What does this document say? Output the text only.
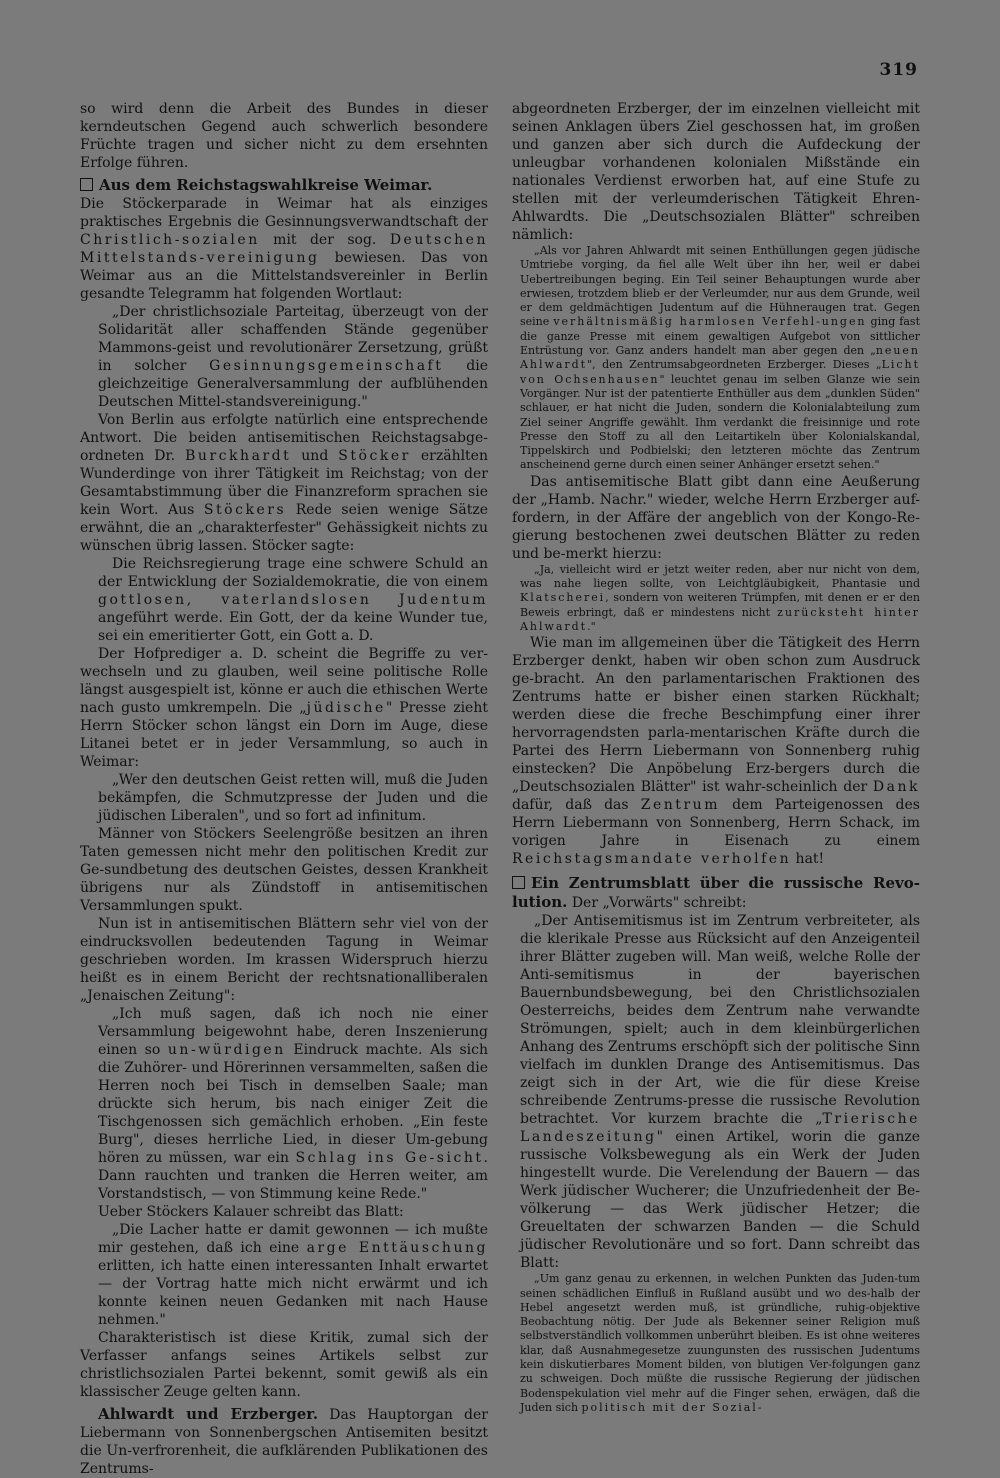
319

so wird denn die Arbeit des Bundes in dieser kerndeutschen Gegend auch schwerlich besondere Früchte tragen und sicher nicht zu dem ersehnten Erfolge führen.

Aus dem Reichstagswahlkreise Weimar.

Die Stöckerparade in Weimar hat als einziges praktisches Ergebnis die Gesinnungsverwandtschaft der Christlich-sozialen mit der sog. Deutschen Mittelstands-vereinigung bewiesen. Das von Weimar aus an die Mittelstandsvereinler in Berlin gesandte Telegramm hat folgenden Wortlaut:

„Der christlichsoziale Parteitag, überzeugt von der Solidarität aller schaffenden Stände gegenüber Mammons-geist und revolutionärer Zersetzung, grüßt in solcher Gesinnungsgemeinschaft die gleichzeitige Generalversammlung der aufblühenden Deutschen Mittel-standsvereinigung."

Von Berlin aus erfolgte natürlich eine entsprechende Antwort. Die beiden antisemitischen Reichstagsabge-ordneten Dr. Burckhardt und Stöcker erzählten Wunderdinge von ihrer Tätigkeit im Reichstag; von der Gesamtabstimmung über die Finanzreform sprachen sie kein Wort. Aus Stöckers Rede seien wenige Sätze erwähnt, die an „charakterfester" Gehässigkeit nichts zu wünschen übrig lassen. Stöcker sagte:

Die Reichsregierung trage eine schwere Schuld an der Entwicklung der Sozialdemokratie, die von einem gottlosen, vaterlandslosen Judentum angeführt werde. Ein Gott, der da keine Wunder tue, sei ein emeritierter Gott, ein Gott a. D.

Der Hofprediger a. D. scheint die Begriffe zu ver-wechseln und zu glauben, weil seine politische Rolle längst ausgespielt ist, könne er auch die ethischen Werte nach gusto umkrempeln. Die „jüdische" Presse zieht Herrn Stöcker schon längst ein Dorn im Auge, diese Litanei betet er in jeder Versammlung, so auch in Weimar:

„Wer den deutschen Geist retten will, muß die Juden bekämpfen, die Schmutzpresse der Juden und die jüdischen Liberalen", und so fort ad infinitum.

Männer von Stöckers Seelengröße besitzen an ihren Taten gemessen nicht mehr den politischen Kredit zur Ge-sundbetung des deutschen Geistes, dessen Krankheit übrigens nur als Zündstoff in antisemitischen Versammlungen spukt.

Nun ist in antisemitischen Blättern sehr viel von der eindrucksvollen bedeutenden Tagung in Weimar geschrieben worden. Im krassen Widerspruch hierzu heißt es in einem Bericht der rechtsnationalliberalen „Jenaischen Zeitung":

„Ich muß sagen, daß ich noch nie einer Versammlung beigewohnt habe, deren Inszenierung einen so un-würdigen Eindruck machte. Als sich die Zuhörer- und Hörerinnen versammelten, saßen die Herren noch bei Tisch in demselben Saale; man drückte sich herum, bis nach einiger Zeit die Tischgenossen sich gemächlich erhoben. „Ein feste Burg", dieses herrliche Lied, in dieser Um-gebung hören zu müssen, war ein Schlag ins Ge-sicht. Dann rauchten und tranken die Herren weiter, am Vorstandstisch, — von Stimmung keine Rede."

Ueber Stöckers Kalauer schreibt das Blatt:

„Die Lacher hatte er damit gewonnen — ich mußte mir gestehen, daß ich eine arge Enttäuschung erlitten, ich hatte einen interessanten Inhalt erwartet — der Vortrag hatte mich nicht erwärmt und ich konnte keinen neuen Gedanken mit nach Hause nehmen."

Charakteristisch ist diese Kritik, zumal sich der Verfasser anfangs seines Artikels selbst zur christlichsozialen Partei bekennt, somit gewiß als ein klassischer Zeuge gelten kann.

Ahlwardt und Erzberger. Das Hauptorgan der Liebermann von Sonnenbergschen Antisemiten besitzt die Un-verfrorenheit, die aufklärenden Publikationen des Zentrums-

abgeordneten Erzberger, der im einzelnen vielleicht mit seinen Anklagen übers Ziel geschossen hat, im großen und ganzen aber sich durch die Aufdeckung der unleugbar vorhandenen kolonialen Mißstände ein nationales Verdienst erworben hat, auf eine Stufe zu stellen mit der verleumderischen Tätigkeit Ehren-Ahlwardts. Die „Deutschsozialen Blätter" schreiben nämlich:

„Als vor Jahren Ahlwardt mit seinen Enthüllungen gegen jüdische Umtriebe vorging, da fiel alle Welt über ihn her, weil er dabei Uebertreibungen beging. Ein Teil seiner Behauptungen wurde aber erwiesen, trotzdem blieb er der Verleumder, nur aus dem Grunde, weil er dem geldmächtigen Judentum auf die Hühneraugen trat. Gegen seine verhältnismäßig harmlosen Verfehl-ungen ging fast die ganze Presse mit einem gewaltigen Aufgebot von sittlicher Entrüstung vor. Ganz anders handelt man aber gegen den „neuen Ahlwardt", den Zentrumsabgeordneten Erzberger. Dieses „Licht von Ochsenhausen" leuchtet genau im selben Glanze wie sein Vorgänger. Nur ist der patentierte Enthüller aus dem „dunklen Süden" schlauer, er hat nicht die Juden, sondern die Kolonialabteilung zum Ziel seiner Angriffe gewählt. Ihm verdankt die freisinnige und rote Presse den Stoff zu all den Leitartikeln über Kolonialskandal, Tippelskirch und Podbielski; den letzteren möchte das Zentrum anscheinend gerne durch einen seiner Anhänger ersetzt sehen."

Das antisemitische Blatt gibt dann eine Aeußerung der „Hamb. Nachr." wieder, welche Herrn Erzberger auf-fordern, in der Affäre der angeblich von der Kongo-Re-gierung bestochenen zwei deutschen Blätter zu reden und be-merkt hierzu:

„Ja, vielleicht wird er jetzt weiter reden, aber nur nicht von dem, was nahe liegen sollte, von Leichtgläubigkeit, Phantasie und Klatscherei, sondern von weiteren Trümpfen, mit denen er er den Beweis erbringt, daß er mindestens nicht zurücksteht hinter Ahlwardt."

Wie man im allgemeinen über die Tätigkeit des Herrn Erzberger denkt, haben wir oben schon zum Ausdruck ge-bracht. An den parlamentarischen Fraktionen des Zentrums hatte er bisher einen starken Rückhalt; werden diese die freche Beschimpfung einer ihrer hervorragendsten parla-mentarischen Kräfte durch die Partei des Herrn Liebermann von Sonnenberg ruhig einstecken? Die Anpöbelung Erz-bergers durch die „Deutschsozialen Blätter" ist wahr-scheinlich der Dank dafür, daß das Zentrum dem Parteigenossen des Herrn Liebermann von Sonnenberg, Herrn Schack, im vorigen Jahre in Eisenach zu einem Reichstagsmandate verholfen hat!

Ein Zentrumsblatt über die russische Revo-lution. Der „Vorwärts" schreibt:

„Der Antisemitismus ist im Zentrum verbreiteter, als die klerikale Presse aus Rücksicht auf den Anzeigenteil ihrer Blätter zugeben will. Man weiß, welche Rolle der Anti-semitismus in der bayerischen Bauernbundsbewegung, bei den Christlichsozialen Oesterreichs, beides dem Zentrum nahe verwandte Strömungen, spielt; auch in dem kleinbürgerlichen Anhang des Zentrums erschöpft sich der politische Sinn vielfach im dunklen Drange des Antisemitismus. Das zeigt sich in der Art, wie die für diese Kreise schreibende Zentrums-presse die russische Revolution betrachtet. Vor kurzem brachte die „Trierische Landeszeitung" einen Artikel, worin die ganze russische Volksbewegung als ein Werk der Juden hingestellt wurde. Die Verelendung der Bauern — das Werk jüdischer Wucherer; die Unzufriedenheit der Be-völkerung — das Werk jüdischer Hetzer; die Greueltaten der schwarzen Banden — die Schuld jüdischer Revolutionäre und so fort. Dann schreibt das Blatt:

„Um ganz genau zu erkennen, in welchen Punkten das Juden-tum seinen schädlichen Einfluß in Rußland ausübt und wo des-halb der Hebel angesetzt werden muß, ist gründliche, ruhig-objektive Beobachtung nötig. Der Jude als Bekenner seiner Religion muß selbstverständlich vollkommen unberührt bleiben. Es ist ohne weiteres klar, daß Ausnahmegesetze zuungunsten des russischen Judentums kein diskutierbares Moment bilden, von blutigen Ver-folgungen ganz zu schweigen. Doch müßte die russische Regierung der jüdischen Bodenspekulation viel mehr auf die Finger sehen, erwägen, daß die Juden sich politisch mit der Sozial-
